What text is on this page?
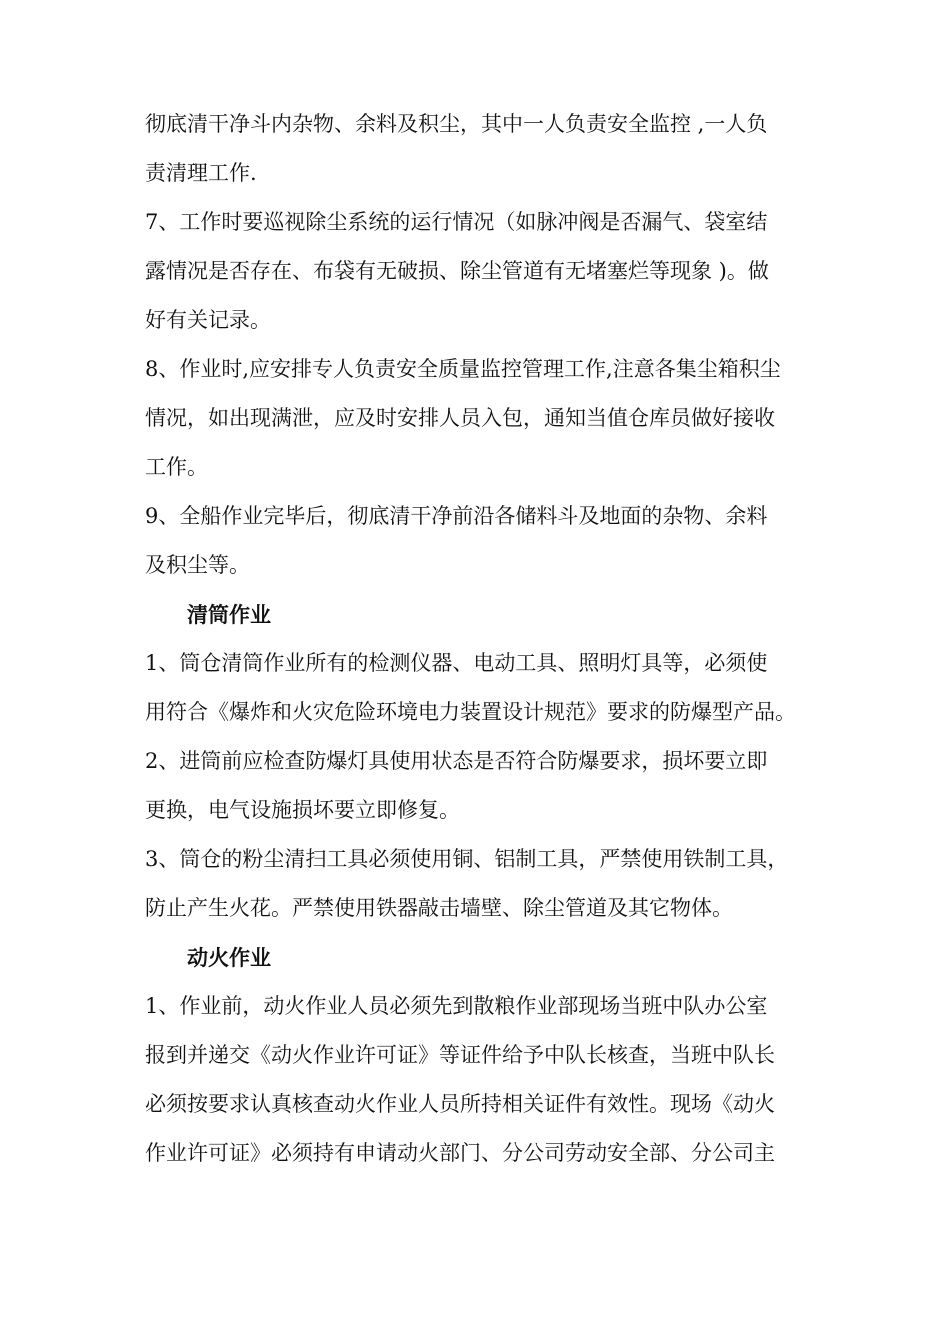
彻底清干净斗内杂物、余料及积尘，其中一人负责安全监控 ,一人负
责清理工作.
7、工作时要巡视除尘系统的运行情况（如脉冲阀是否漏气、袋室结
露情况是否存在、布袋有无破损、除尘管道有无堵塞烂等现象 )。做
好有关记录。
8、作业时,应安排专人负责安全质量监控管理工作,注意各集尘箱积尘
情况，如出现满泄，应及时安排人员入包，通知当值仓库员做好接收
工作。
9、全船作业完毕后，彻底清干净前沿各储料斗及地面的杂物、余料
及积尘等。
清筒作业
1、筒仓清筒作业所有的检测仪器、电动工具、照明灯具等，必须使
用符合《爆炸和火灾危险环境电力装置设计规范》要求的防爆型产品。
2、进筒前应检查防爆灯具使用状态是否符合防爆要求，损坏要立即
更换，电气设施损坏要立即修复。
3、筒仓的粉尘清扫工具必须使用铜、铝制工具，严禁使用铁制工具，
防止产生火花。严禁使用铁器敲击墙壁、除尘管道及其它物体。
动火作业
1、作业前，动火作业人员必须先到散粮作业部现场当班中队办公室
报到并递交《动火作业许可证》等证件给予中队长核查，当班中队长
必须按要求认真核查动火作业人员所持相关证件有效性。现场《动火
作业许可证》必须持有申请动火部门、分公司劳动安全部、分公司主
